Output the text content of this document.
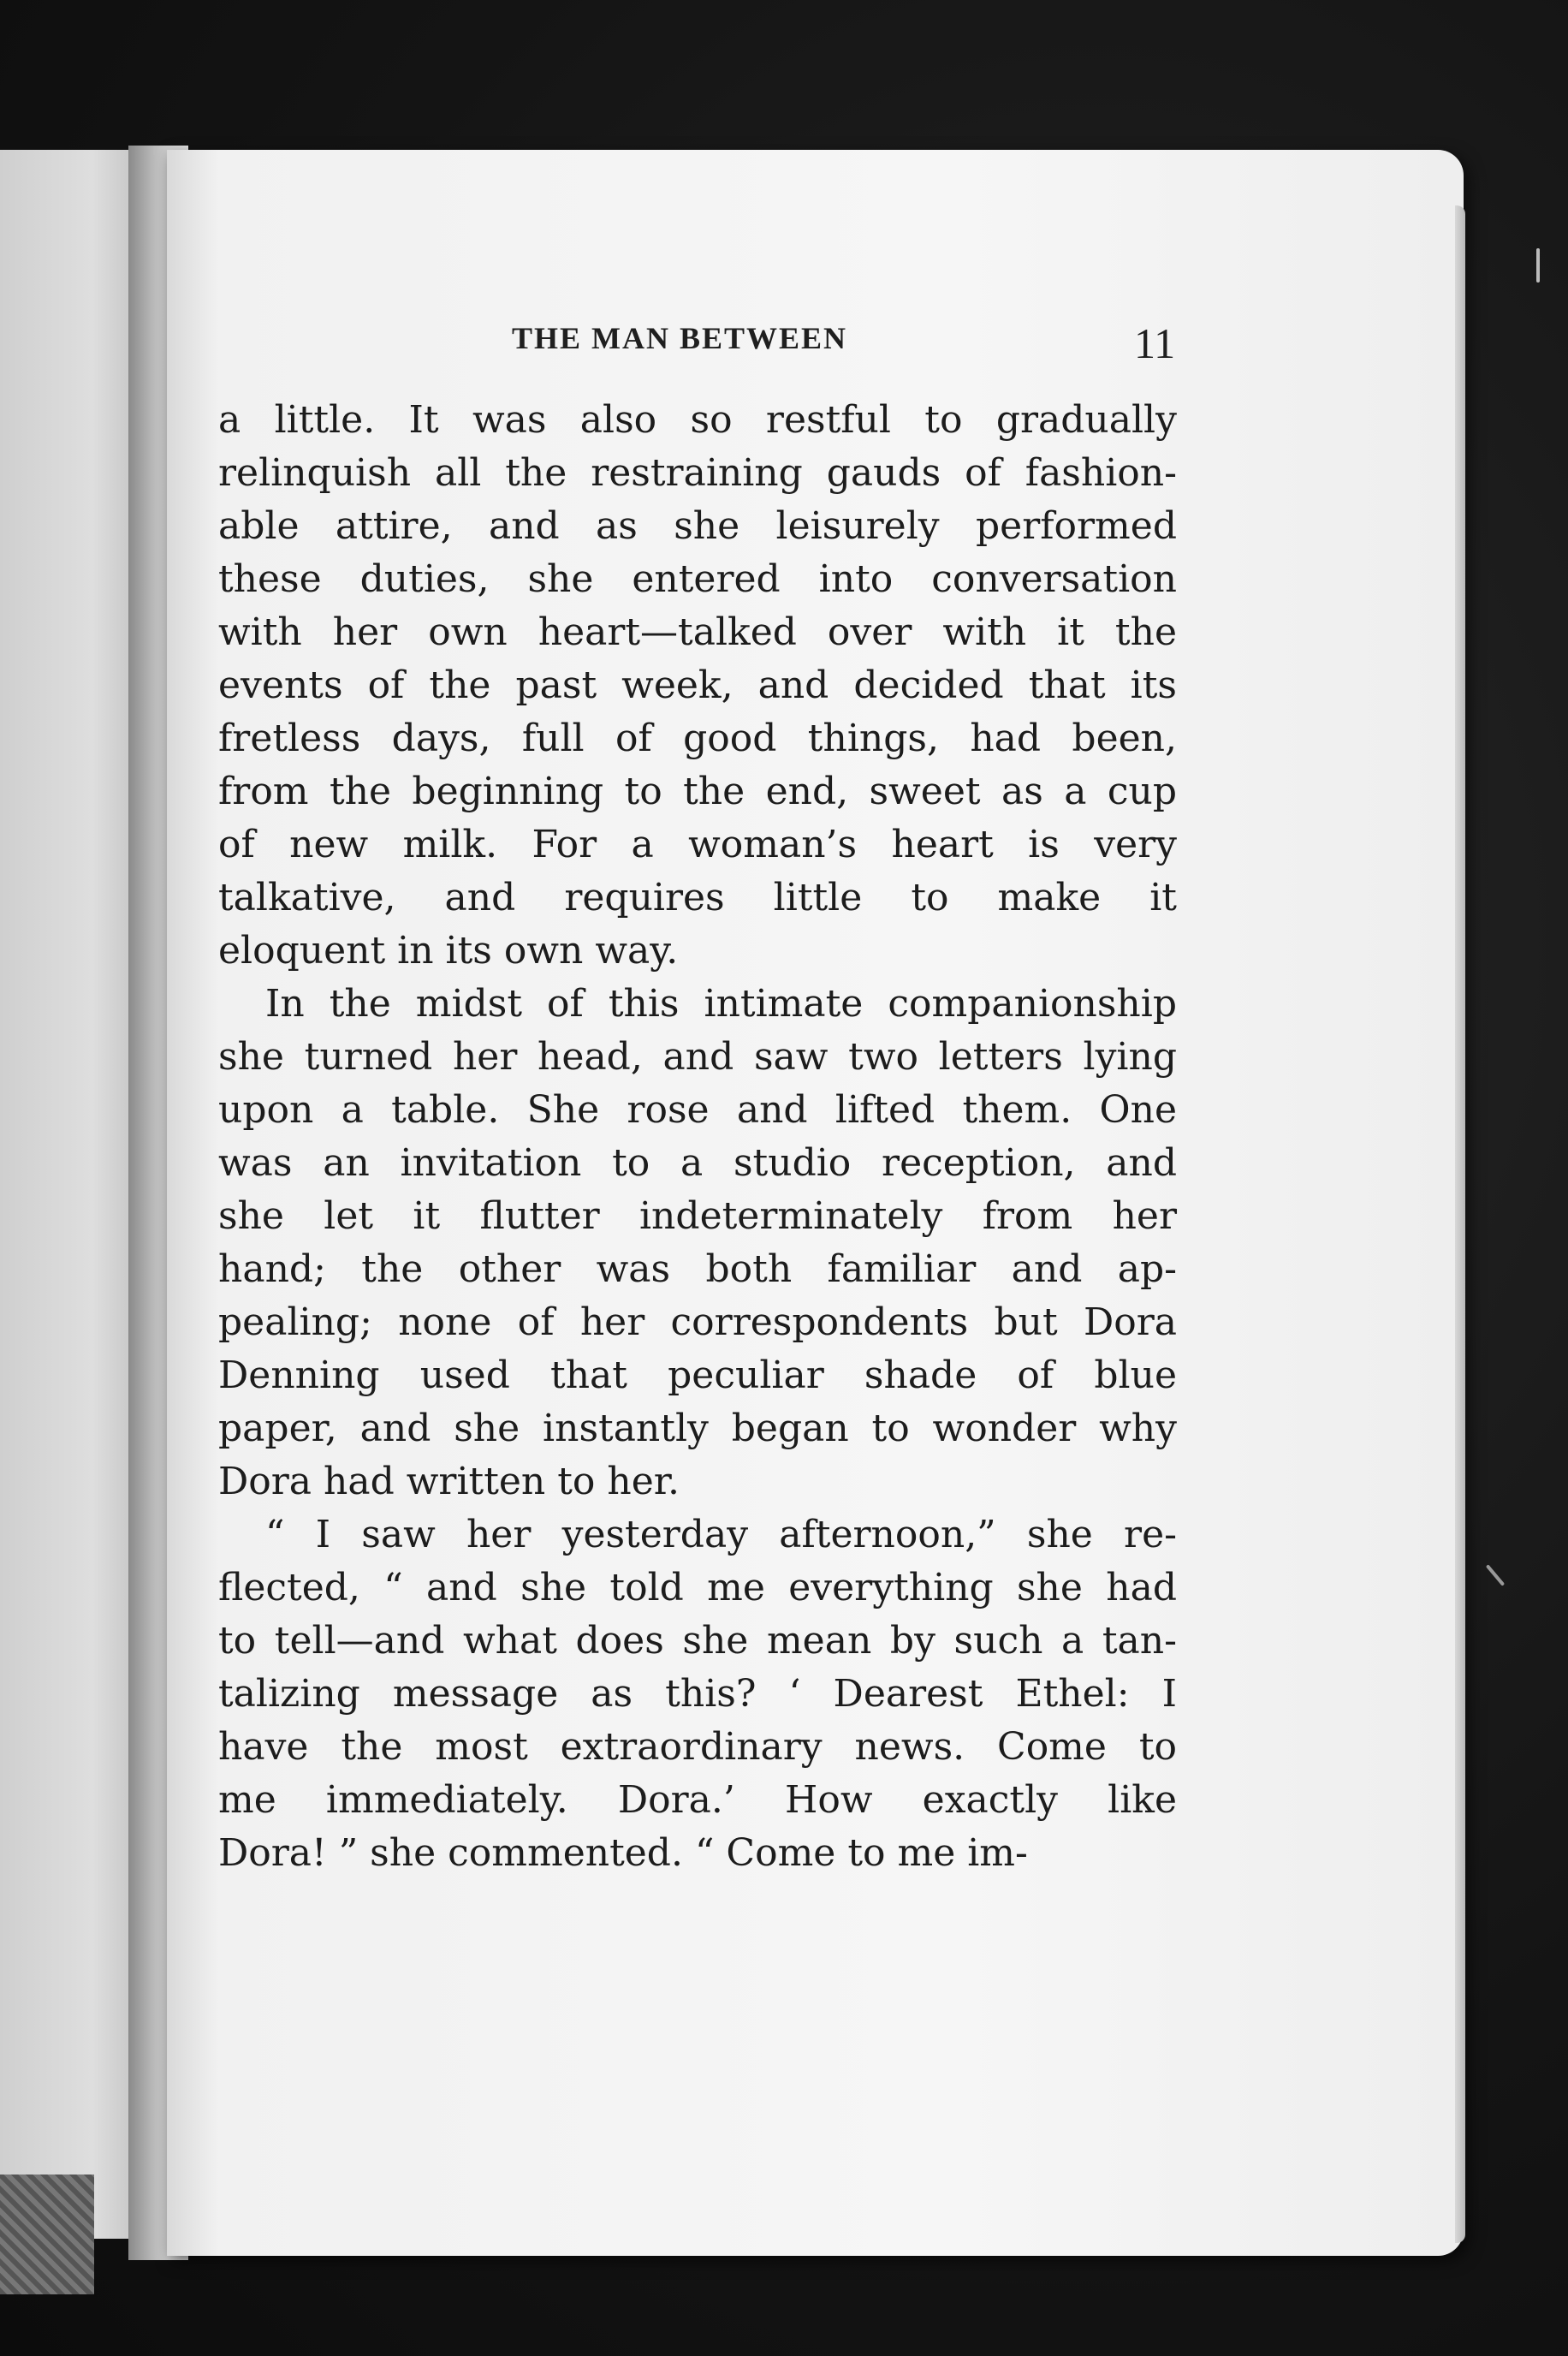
THE MAN BETWEEN	11

a little. It was also so restful to gradually
relinquish all the restraining gauds of fashion-
able attire, and as she leisurely performed
these duties, she entered into conversation
with her own heart—talked over with it the
events of the past week, and decided that its
fretless days, full of good things, had been,
from the beginning to the end, sweet as a cup
of new milk. For a woman’s heart is very
talkative, and requires little to make it
eloquent in its own way.

In the midst of this intimate companionship
she turned her head, and saw two letters lying
upon a table. She rose and lifted them. One
was an invitation to a studio reception, and
she let it flutter indeterminately from her
hand; the other was both familiar and ap-
pealing; none of her correspondents but Dora
Denning used that peculiar shade of blue
paper, and she instantly began to wonder why
Dora had written to her.

“ I saw her yesterday afternoon,” she re-
flected, “ and she told me everything she had
to tell—and what does she mean by such a tan-
talizing message as this? ‘ Dearest Ethel: I
have the most extraordinary news. Come to
me immediately. Dora.’ How exactly like
Dora! ” she commented. “ Come to me im-
